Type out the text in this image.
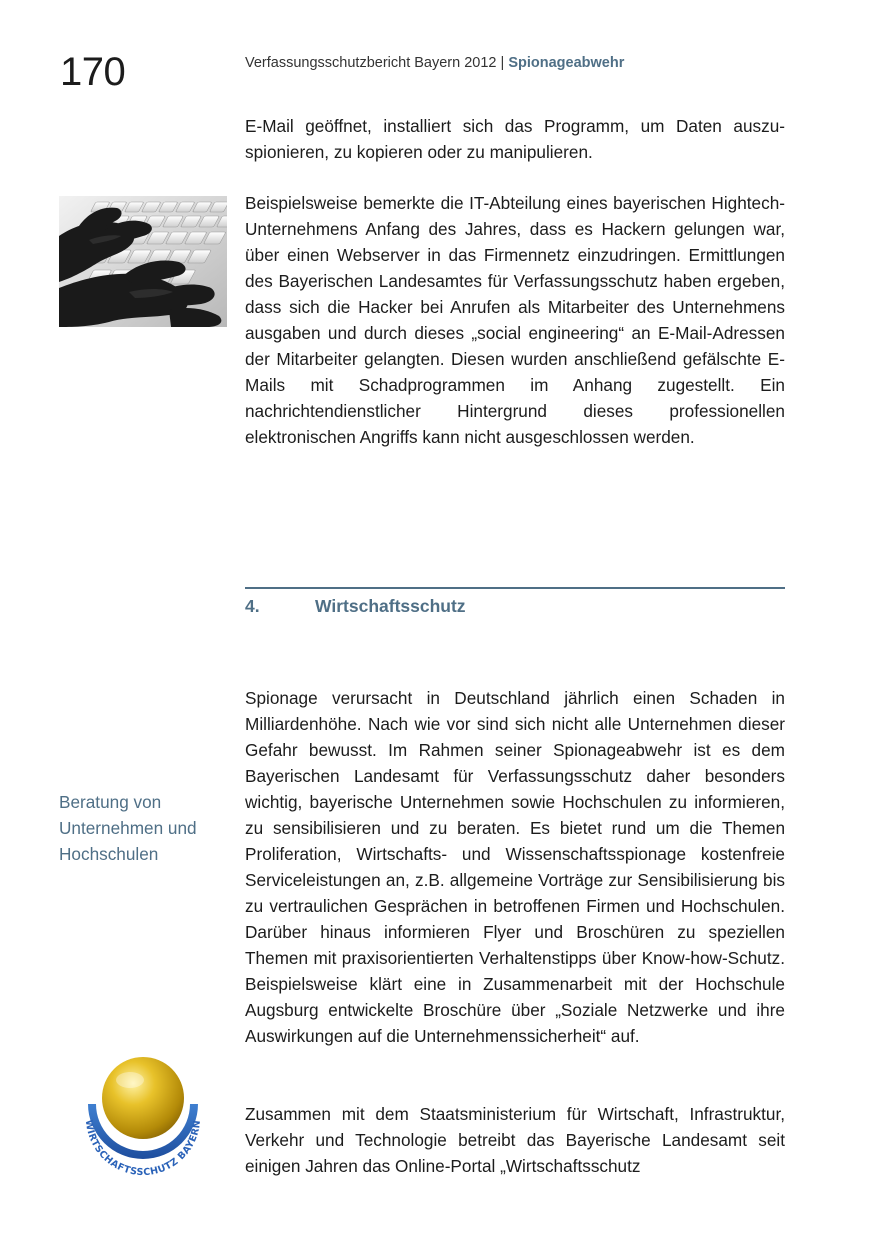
170	Verfassungsschutzbericht Bayern 2012 | Spionageabwehr

E-Mail geöffnet, installiert sich das Programm, um Daten auszuspionieren, zu kopieren oder zu manipulieren.

Beispielsweise bemerkte die IT-Abteilung eines bayerischen Hightech-Unternehmens Anfang des Jahres, dass es Hackern gelungen war, über einen Webserver in das Firmennetz einzudringen. Ermittlungen des Bayerischen Landesamtes für Verfassungsschutz haben ergeben, dass sich die Hacker bei Anrufen als Mitarbeiter des Unternehmens ausgaben und durch dieses „social engineering“ an E-Mail-Adressen der Mitarbeiter gelangten. Diesen wurden anschließend gefälschte E-Mails mit Schadprogrammen im Anhang zugestellt. Ein nachrichtendienstlicher Hintergrund dieses professionellen elektronischen Angriffs kann nicht ausgeschlossen werden.

4.	Wirtschaftsschutz
Beratung von Unternehmen und Hochschulen

Spionage verursacht in Deutschland jährlich einen Schaden in Milliardenhöhe. Nach wie vor sind sich nicht alle Unternehmen dieser Gefahr bewusst. Im Rahmen seiner Spionageabwehr ist es dem Bayerischen Landesamt für Verfassungsschutz daher besonders wichtig, bayerische Unternehmen sowie Hochschulen zu informieren, zu sensibilisieren und zu beraten. Es bietet rund um die Themen Proliferation, Wirtschafts- und Wissenschaftsspionage kostenfreie Serviceleistungen an, z.B. allgemeine Vorträge zur Sensibilisierung bis zu vertraulichen Gesprächen in betroffenen Firmen und Hochschulen. Darüber hinaus informieren Flyer und Broschüren zu speziellen Themen mit praxisorientierten Verhaltenstipps über Know-how-Schutz. Beispielsweise klärt eine in Zusammenarbeit mit der Hochschule Augsburg entwickelte Broschüre über „Soziale Netzwerke und ihre Auswirkungen auf die Unternehmenssicherheit“ auf.

WIRTSCHAFTSSCHUTZ BAYERN

Zusammen mit dem Staatsministerium für Wirtschaft, Infrastruktur, Verkehr und Technologie betreibt das Bayerische Landesamt seit einigen Jahren das Online-Portal „Wirtschaftsschutz
